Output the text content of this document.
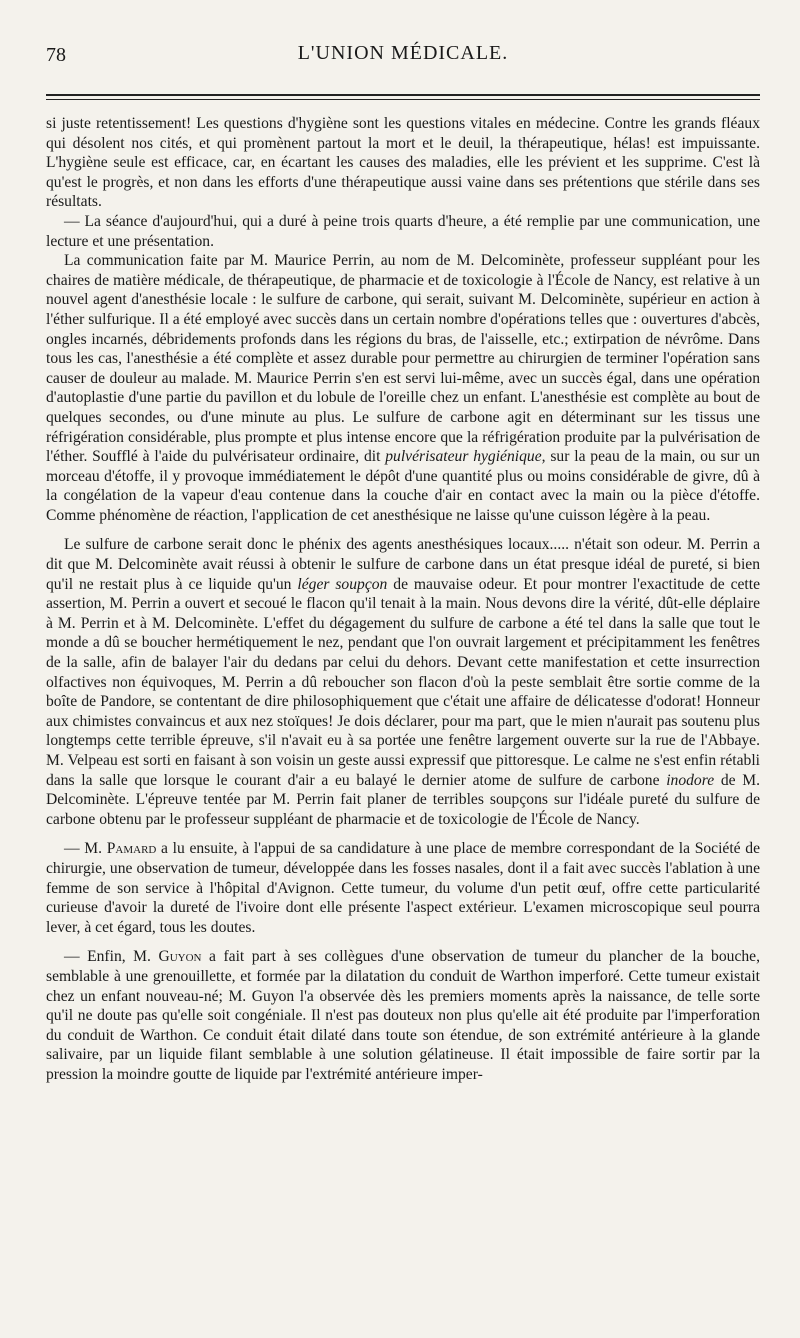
78	L'UNION MÉDICALE.

si juste retentissement! Les questions d'hygiène sont les questions vitales en médecine. Contre les grands fléaux qui désolent nos cités, et qui promènent partout la mort et le deuil, la thérapeutique, hélas! est impuissante. L'hygiène seule est efficace, car, en écartant les causes des maladies, elle les prévient et les supprime. C'est là qu'est le progrès, et non dans les efforts d'une thérapeutique aussi vaine dans ses prétentions que stérile dans ses résultats.

— La séance d'aujourd'hui, qui a duré à peine trois quarts d'heure, a été remplie par une communication, une lecture et une présentation.

La communication faite par M. Maurice Perrin, au nom de M. Delcominète, professeur suppléant pour les chaires de matière médicale, de thérapeutique, de pharmacie et de toxicologie à l'École de Nancy, est relative à un nouvel agent d'anesthésie locale : le sulfure de carbone, qui serait, suivant M. Delcominète, supérieur en action à l'éther sulfurique. Il a été employé avec succès dans un certain nombre d'opérations telles que : ouvertures d'abcès, ongles incarnés, débridements profonds dans les régions du bras, de l'aisselle, etc.; extirpation de névrôme. Dans tous les cas, l'anesthésie a été complète et assez durable pour permettre au chirurgien de terminer l'opération sans causer de douleur au malade. M. Maurice Perrin s'en est servi lui-même, avec un succès égal, dans une opération d'autoplastie d'une partie du pavillon et du lobule de l'oreille chez un enfant. L'anesthésie est complète au bout de quelques secondes, ou d'une minute au plus. Le sulfure de carbone agit en déterminant sur les tissus une réfrigération considérable, plus prompte et plus intense encore que la réfrigération produite par la pulvérisation de l'éther. Soufflé à l'aide du pulvérisateur ordinaire, dit pulvérisateur hygiénique, sur la peau de la main, ou sur un morceau d'étoffe, il y provoque immédiatement le dépôt d'une quantité plus ou moins considérable de givre, dû à la congélation de la vapeur d'eau contenue dans la couche d'air en contact avec la main ou la pièce d'étoffe. Comme phénomène de réaction, l'application de cet anesthésique ne laisse qu'une cuisson légère à la peau.

Le sulfure de carbone serait donc le phénix des agents anesthésiques locaux..... n'était son odeur. M. Perrin a dit que M. Delcominète avait réussi à obtenir le sulfure de carbone dans un état presque idéal de pureté, si bien qu'il ne restait plus à ce liquide qu'un léger soupçon de mauvaise odeur. Et pour montrer l'exactitude de cette assertion, M. Perrin a ouvert et secoué le flacon qu'il tenait à la main. Nous devons dire la vérité, dût-elle déplaire à M. Perrin et à M. Delcominète. L'effet du dégagement du sulfure de carbone a été tel dans la salle que tout le monde a dû se boucher hermétiquement le nez, pendant que l'on ouvrait largement et précipitamment les fenêtres de la salle, afin de balayer l'air du dedans par celui du dehors. Devant cette manifestation et cette insurrection olfactives non équivoques, M. Perrin a dû reboucher son flacon d'où la peste semblait être sortie comme de la boîte de Pandore, se contentant de dire philosophiquement que c'était une affaire de délicatesse d'odorat! Honneur aux chimistes convaincus et aux nez stoïques! Je dois déclarer, pour ma part, que le mien n'aurait pas soutenu plus longtemps cette terrible épreuve, s'il n'avait eu à sa portée une fenêtre largement ouverte sur la rue de l'Abbaye. M. Velpeau est sorti en faisant à son voisin un geste aussi expressif que pittoresque. Le calme ne s'est enfin rétabli dans la salle que lorsque le courant d'air a eu balayé le dernier atome de sulfure de carbone inodore de M. Delcominète. L'épreuve tentée par M. Perrin fait planer de terribles soupçons sur l'idéale pureté du sulfure de carbone obtenu par le professeur suppléant de pharmacie et de toxicologie de l'École de Nancy.

— M. Pamard a lu ensuite, à l'appui de sa candidature à une place de membre correspondant de la Société de chirurgie, une observation de tumeur, développée dans les fosses nasales, dont il a fait avec succès l'ablation à une femme de son service à l'hôpital d'Avignon. Cette tumeur, du volume d'un petit œuf, offre cette particularité curieuse d'avoir la dureté de l'ivoire dont elle présente l'aspect extérieur. L'examen microscopique seul pourra lever, à cet égard, tous les doutes.

— Enfin, M. Guyon a fait part à ses collègues d'une observation de tumeur du plancher de la bouche, semblable à une grenouillette, et formée par la dilatation du conduit de Warthon imperforé. Cette tumeur existait chez un enfant nouveau-né; M. Guyon l'a observée dès les premiers moments après la naissance, de telle sorte qu'il ne doute pas qu'elle soit congéniale. Il n'est pas douteux non plus qu'elle ait été produite par l'imperforation du conduit de Warthon. Ce conduit était dilaté dans toute son étendue, de son extrémité antérieure à la glande salivaire, par un liquide filant semblable à une solution gélatineuse. Il était impossible de faire sortir par la pression la moindre goutte de liquide par l'extrémité antérieure imper-
